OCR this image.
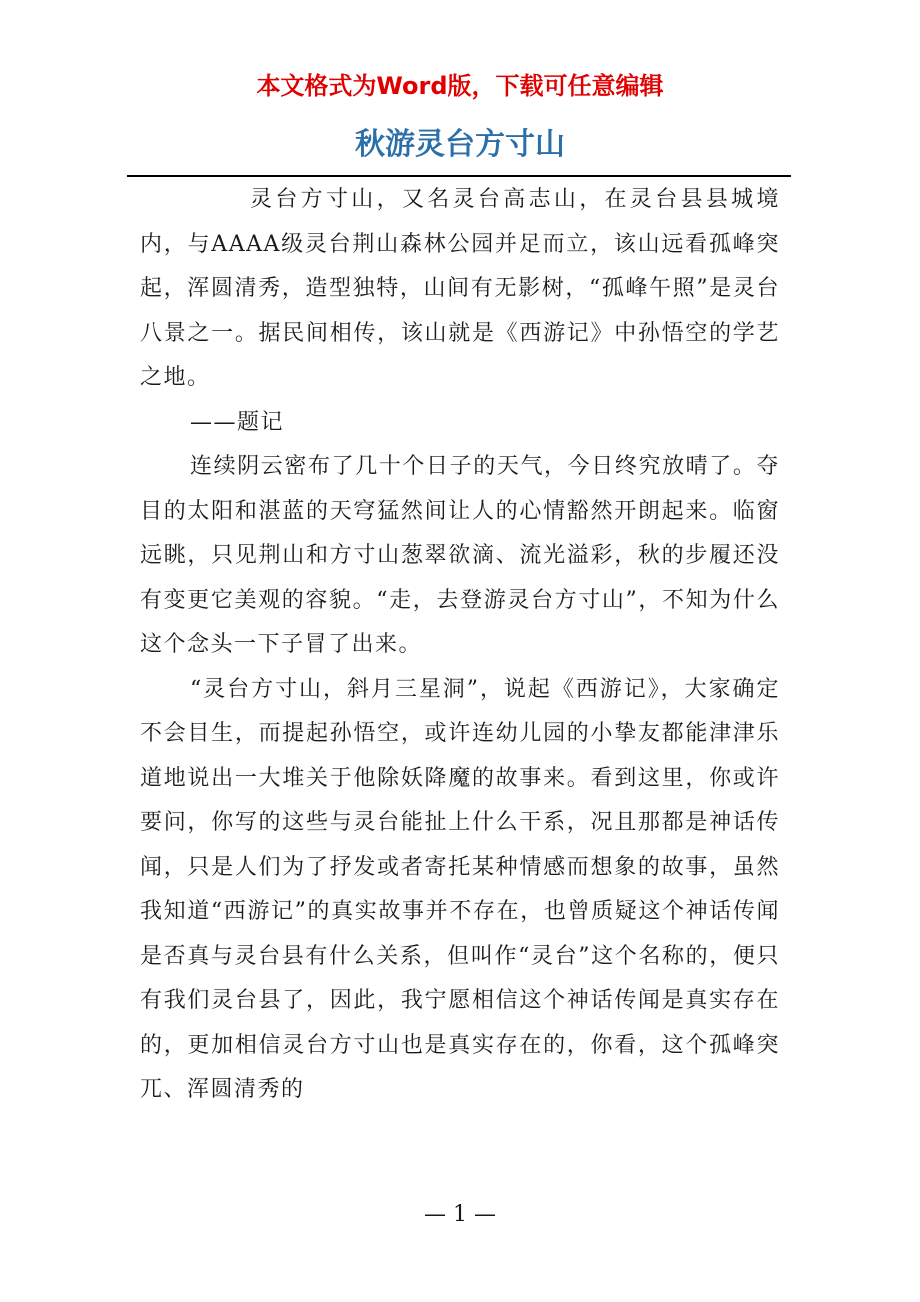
本文格式为Word版，下载可任意编辑

秋游灵台方寸山

灵台方寸山，又名灵台高志山，在灵台县县城境内，与AAAA级灵台荆山森林公园并足而立，该山远看孤峰突起，浑圆清秀，造型独特，山间有无影树，“孤峰午照”是灵台八景之一。据民间相传，该山就是《西游记》中孙悟空的学艺之地。

——题记

连续阴云密布了几十个日子的天气，今日终究放晴了。夺目的太阳和湛蓝的天穹猛然间让人的心情豁然开朗起来。临窗远眺，只见荆山和方寸山葱翠欲滴、流光溢彩，秋的步履还没有变更它美观的容貌。“走，去登游灵台方寸山”，不知为什么这个念头一下子冒了出来。

“灵台方寸山，斜月三星洞”，说起《西游记》，大家确定不会目生，而提起孙悟空，或许连幼儿园的小挚友都能津津乐道地说出一大堆关于他除妖降魔的故事来。看到这里，你或许要问，你写的这些与灵台能扯上什么干系，况且那都是神话传闻，只是人们为了抒发或者寄托某种情感而想象的故事，虽然我知道“西游记”的真实故事并不存在，也曾质疑这个神话传闻是否真与灵台县有什么关系，但叫作“灵台”这个名称的，便只有我们灵台县了，因此，我宁愿相信这个神话传闻是真实存在的，更加相信灵台方寸山也是真实存在的，你看，这个孤峰突兀、浑圆清秀的

— 1 —
